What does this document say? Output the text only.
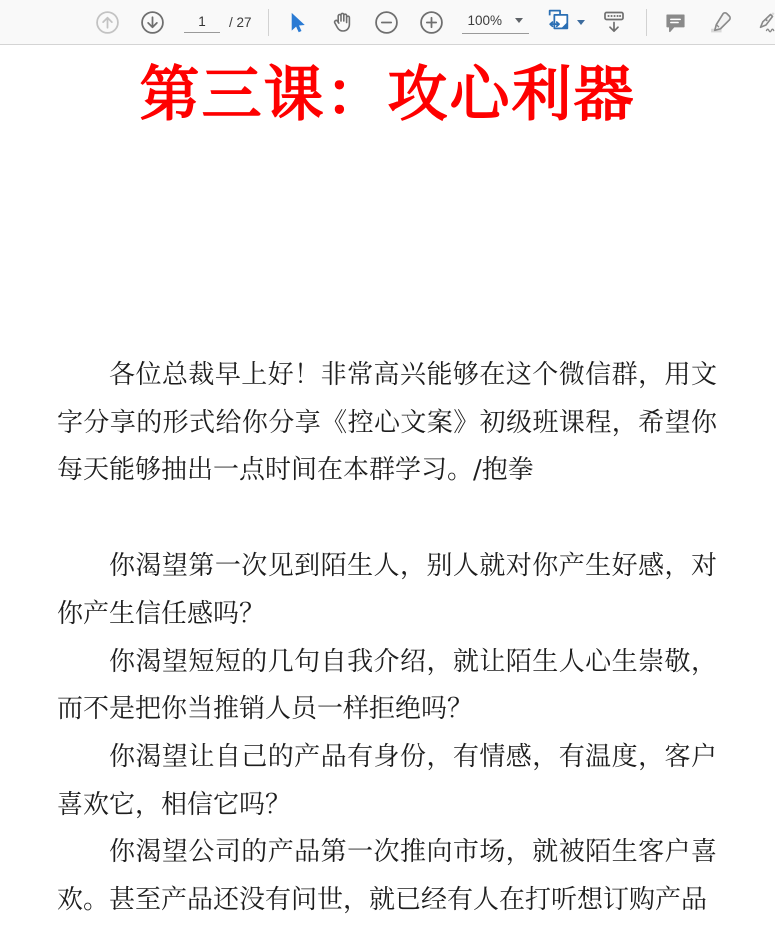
1
/ 27	100%
第三课：攻心利器

各位总裁早上好！非常高兴能够在这个微信群，用文字分享的形式给你分享《控心文案》初级班课程，希望你每天能够抽出一点时间在本群学习。/抱拳

你渴望第一次见到陌生人，别人就对你产生好感，对你产生信任感吗？

你渴望短短的几句自我介绍，就让陌生人心生崇敬，而不是把你当推销人员一样拒绝吗？

你渴望让自己的产品有身份，有情感，有温度，客户喜欢它，相信它吗？

你渴望公司的产品第一次推向市场，就被陌生客户喜欢。甚至产品还没有问世，就已经有人在打听想订购产品
